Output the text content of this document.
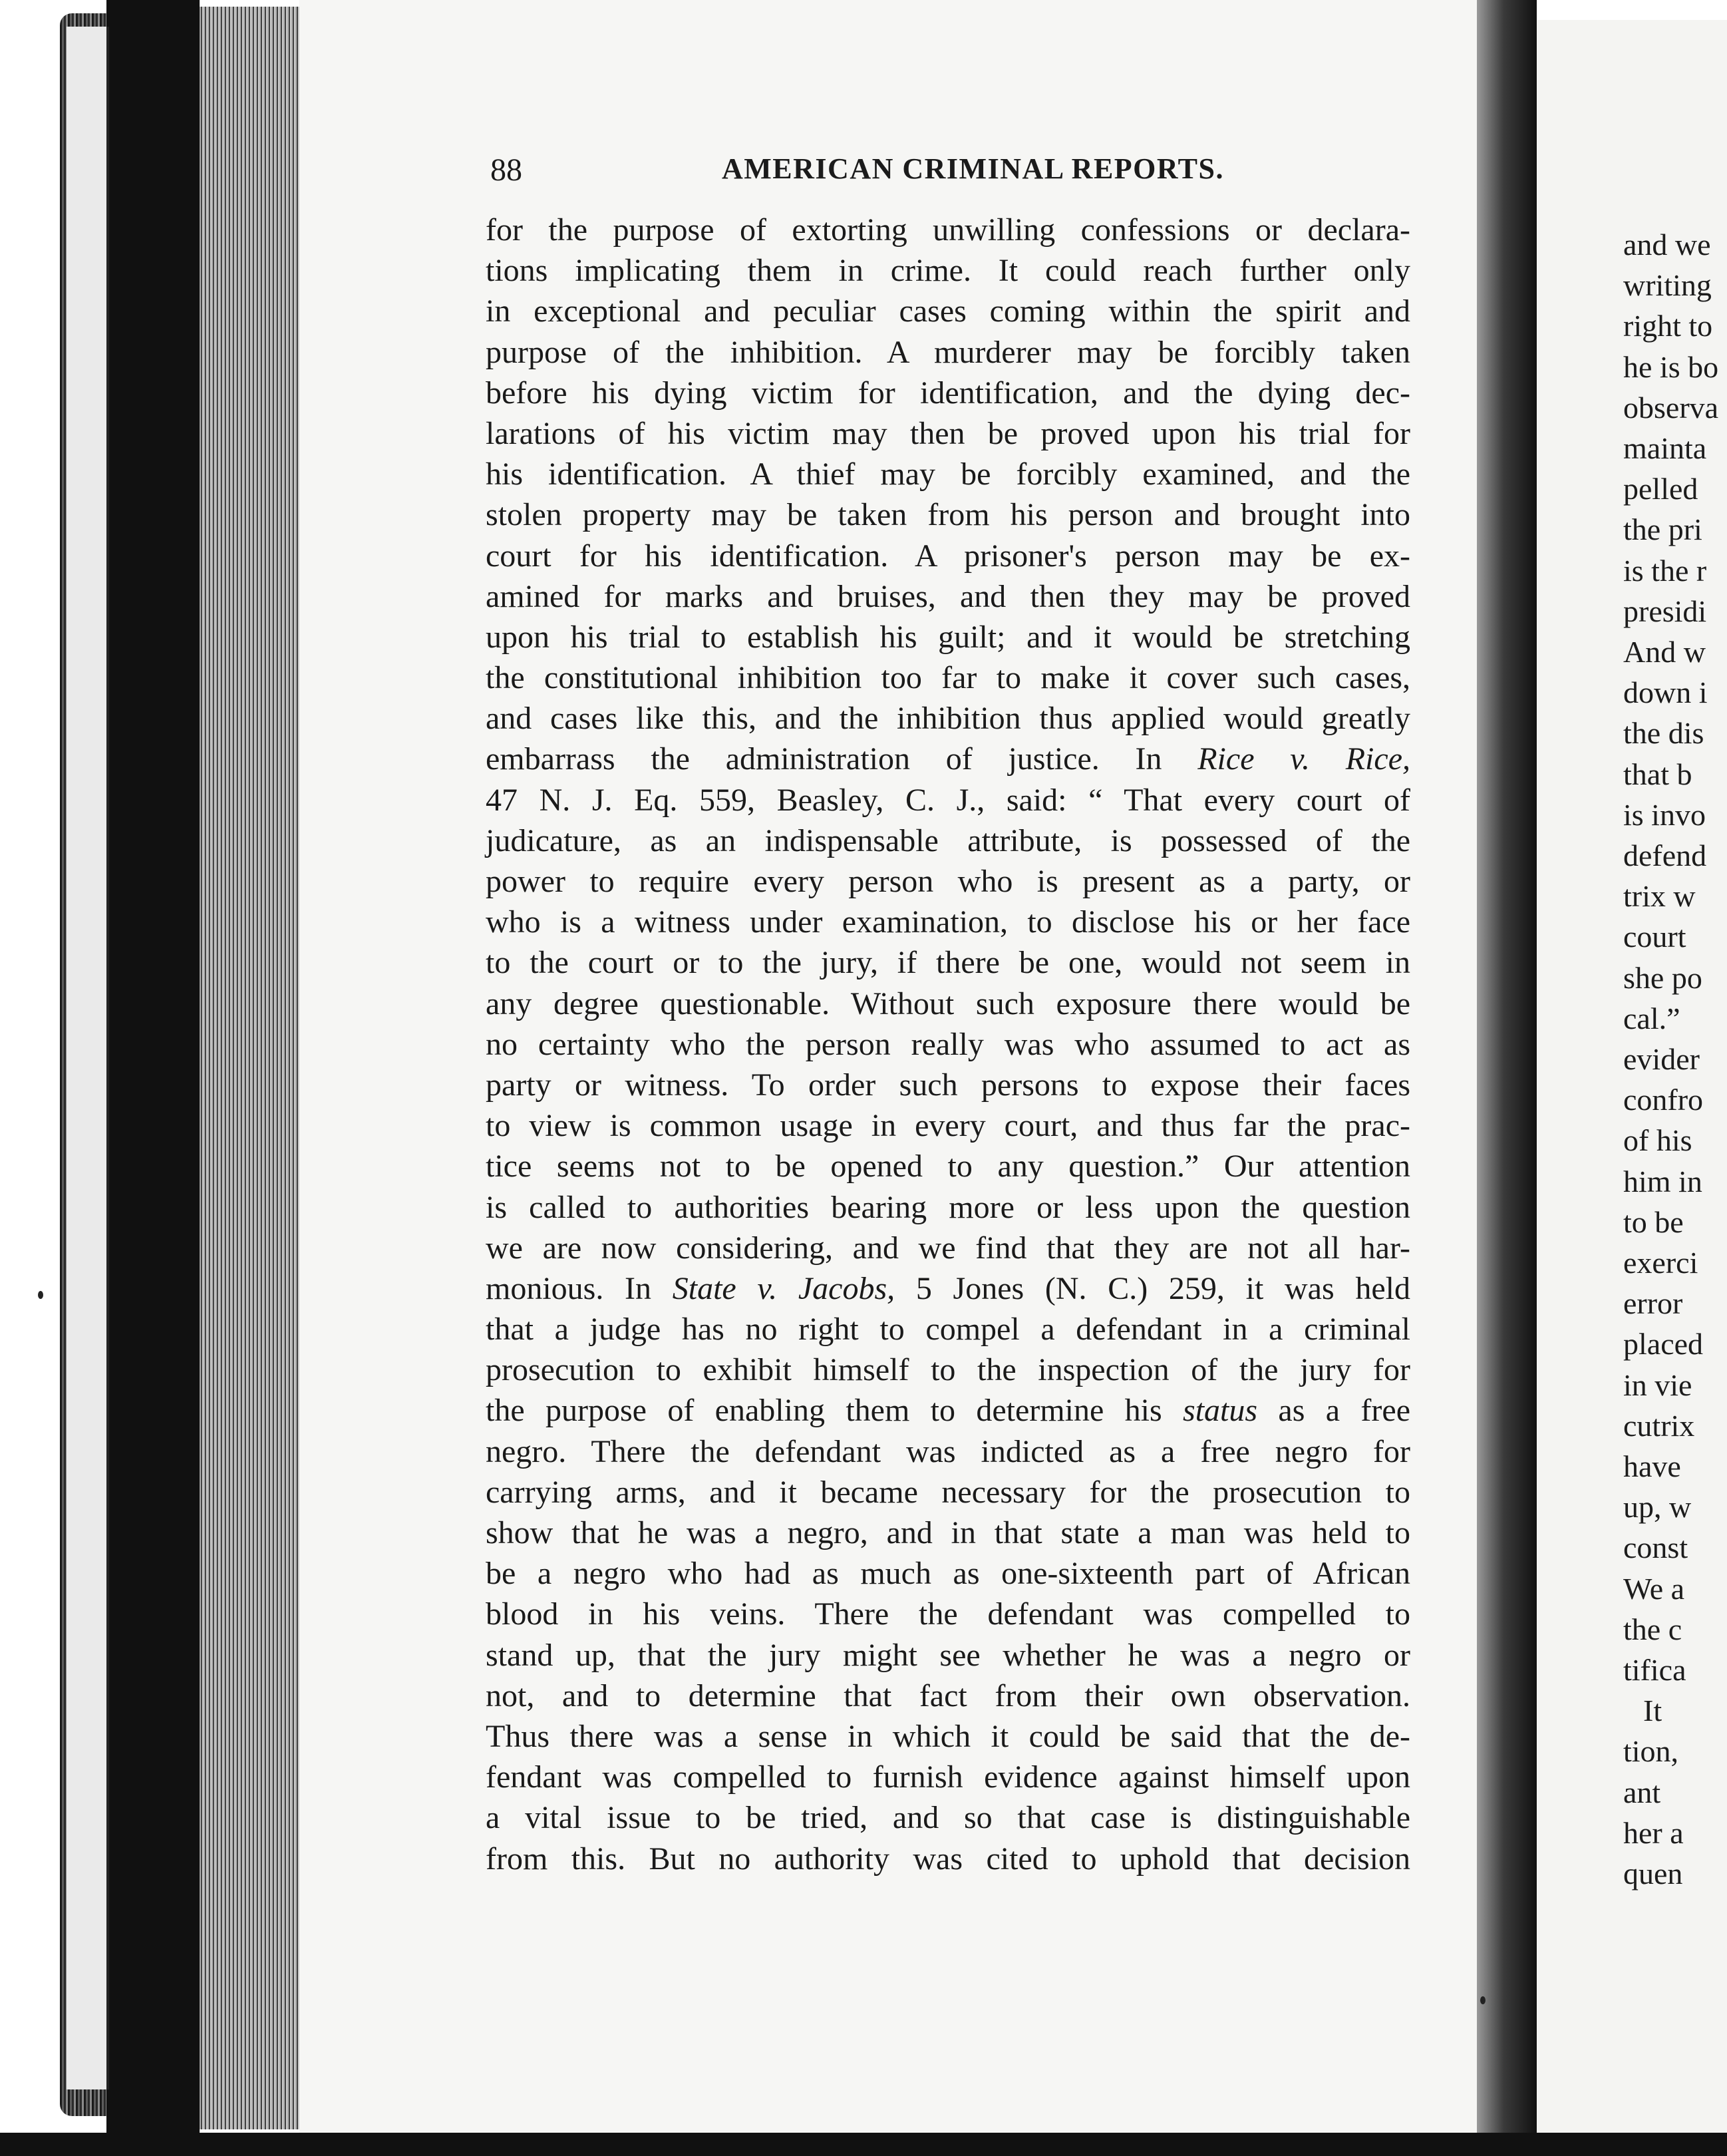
and we
writing
right to
he is bo
observa
mainta
pelled
the pri
is the r
presidi
And w
down i
the dis
that b
is invo
defend
trix w
court
she po
cal.”
evider
confro
of his
him in
to be
exerci
error
placed
in vie
cutrix
have
up, w
const
We a
the c
tifica
It
tion,
ant
her a
quen
88	AMERICAN CRIMINAL REPORTS.
for the purpose of extorting unwilling confessions or declara-
tions implicating them in crime. It could reach further only
in exceptional and peculiar cases coming within the spirit and
purpose of the inhibition. A murderer may be forcibly taken
before his dying victim for identification, and the dying dec-
larations of his victim may then be proved upon his trial for
his identification. A thief may be forcibly examined, and the
stolen property may be taken from his person and brought into
court for his identification. A prisoner's person may be ex-
amined for marks and bruises, and then they may be proved
upon his trial to establish his guilt; and it would be stretching
the constitutional inhibition too far to make it cover such cases,
and cases like this, and the inhibition thus applied would greatly
embarrass the administration of justice. In Rice v. Rice,
47 N. J. Eq. 559, Beasley, C. J., said: “ That every court of
judicature, as an indispensable attribute, is possessed of the
power to require every person who is present as a party, or
who is a witness under examination, to disclose his or her face
to the court or to the jury, if there be one, would not seem in
any degree questionable. Without such exposure there would be
no certainty who the person really was who assumed to act as
party or witness. To order such persons to expose their faces
to view is common usage in every court, and thus far the prac-
tice seems not to be opened to any question.” Our attention
is called to authorities bearing more or less upon the question
we are now considering, and we find that they are not all har-
monious. In State v. Jacobs, 5 Jones (N. C.) 259, it was held
that a judge has no right to compel a defendant in a criminal
prosecution to exhibit himself to the inspection of the jury for
the purpose of enabling them to determine his status as a free
negro. There the defendant was indicted as a free negro for
carrying arms, and it became necessary for the prosecution to
show that he was a negro, and in that state a man was held to
be a negro who had as much as one-sixteenth part of African
blood in his veins. There the defendant was compelled to
stand up, that the jury might see whether he was a negro or
not, and to determine that fact from their own observation.
Thus there was a sense in which it could be said that the de-
fendant was compelled to furnish evidence against himself upon
a vital issue to be tried, and so that case is distinguishable
from this. But no authority was cited to uphold that decision
